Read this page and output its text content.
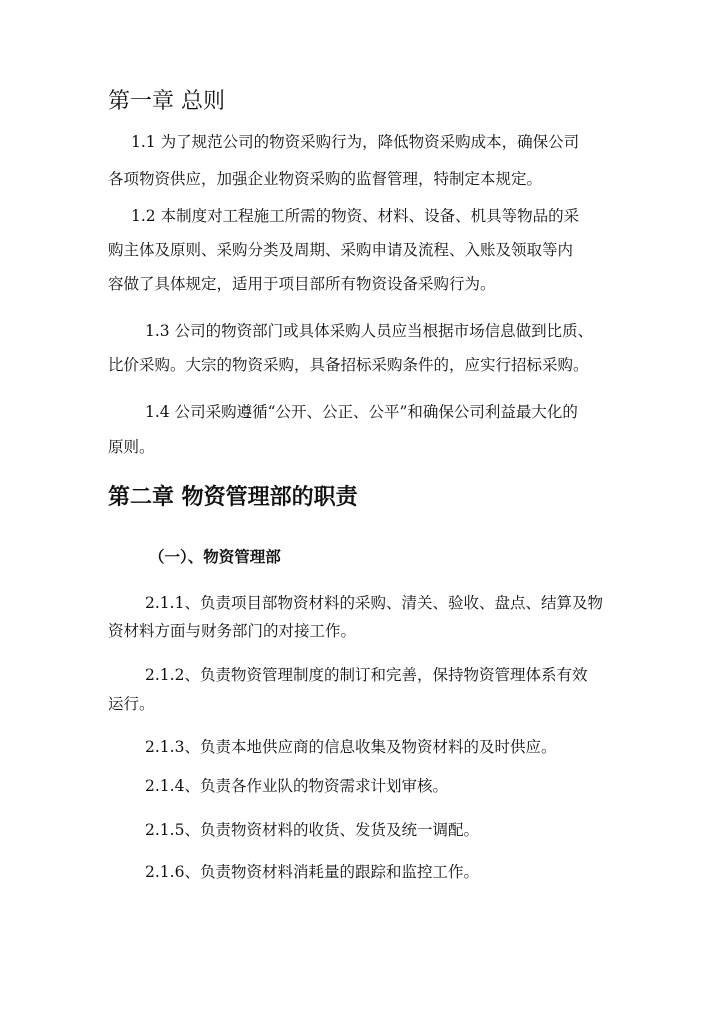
第一章 总则
1.1 为了规范公司的物资采购行为，降低物资采购成本，确保公司
各项物资供应，加强企业物资采购的监督管理，特制定本规定。
1.2 本制度对工程施工所需的物资、材料、设备、机具等物品的采
购主体及原则、采购分类及周期、采购申请及流程、入账及领取等内
容做了具体规定，适用于项目部所有物资设备采购行为。
1.3 公司的物资部门或具体采购人员应当根据市场信息做到比质、
比价采购。大宗的物资采购，具备招标采购条件的，应实行招标采购。
1.4 公司采购遵循“公开、公正、公平”和确保公司利益最大化的
原则。
第二章 物资管理部的职责
（一）、物资管理部
2.1.1、负责项目部物资材料的采购、清关、验收、盘点、结算及物
资材料方面与财务部门的对接工作。
2.1.2、负责物资管理制度的制订和完善，保持物资管理体系有效
运行。
2.1.3、负责本地供应商的信息收集及物资材料的及时供应。
2.1.4、负责各作业队的物资需求计划审核。
2.1.5、负责物资材料的收货、发货及统一调配。
2.1.6、负责物资材料消耗量的跟踪和监控工作。
